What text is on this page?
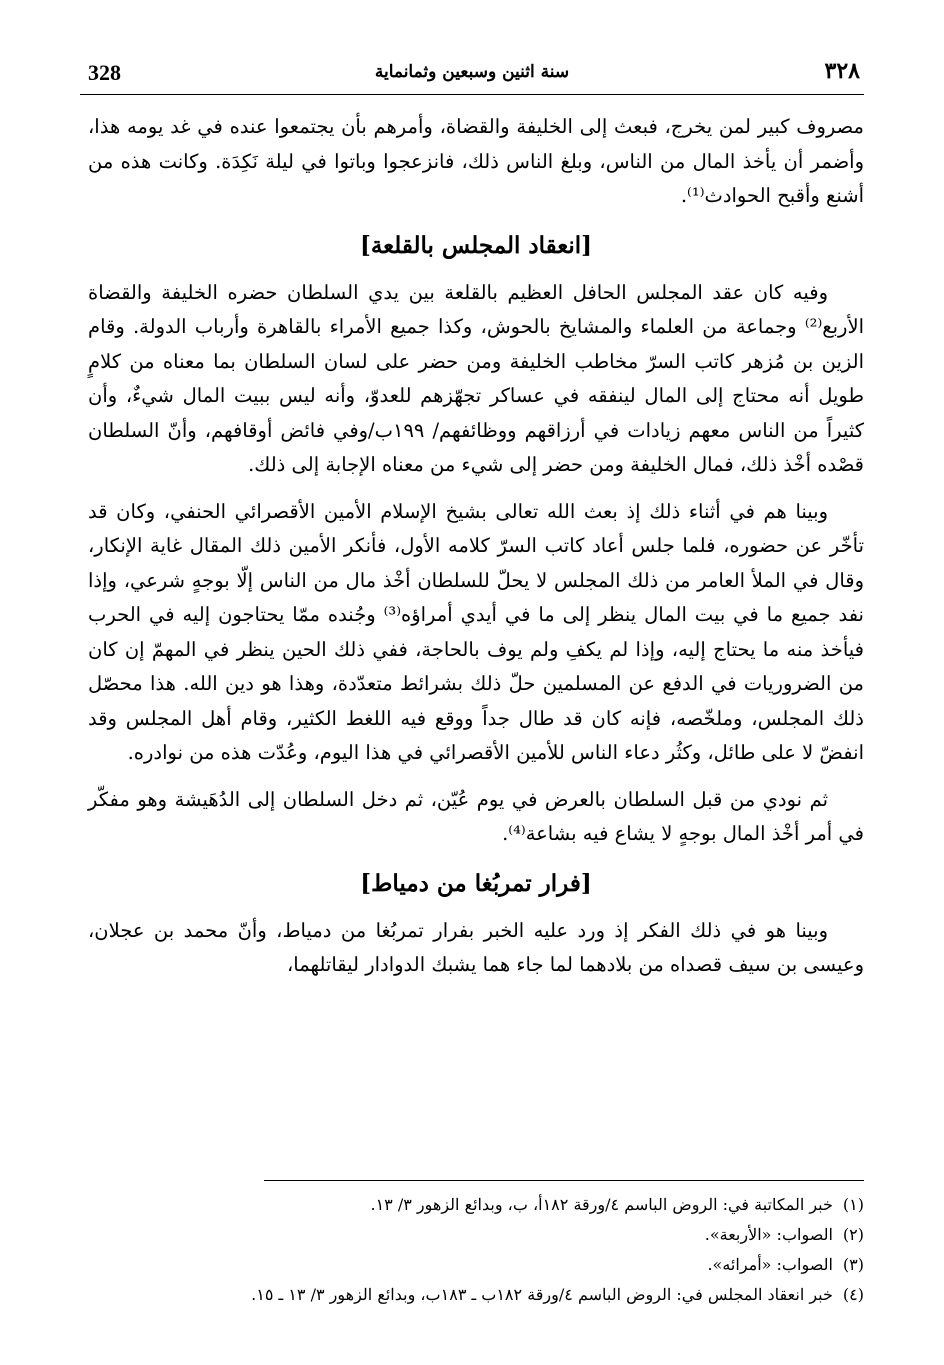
328	سنة اثنين وسبعين وثمانماية	٣٢٨

مصروف كبير لمن يخرج، فبعث إلى الخليفة والقضاة، وأمرهم بأن يجتمعوا عنده في غد يومه هذا، وأضمر أن يأخذ المال من الناس، وبلغ الناس ذلك، فانزعجوا وباتوا في ليلة نَكِدَة. وكانت هذه من أشنع وأقبح الحوادث⁽¹⁾.

[انعقاد المجلس بالقلعة]

وفيه كان عقد المجلس الحافل العظيم بالقلعة بين يدي السلطان حضره الخليفة والقضاة الأربع⁽²⁾ وجماعة من العلماء والمشايخ بالحوش، وكذا جميع الأمراء بالقاهرة وأرباب الدولة. وقام الزين بن مُزهر كاتب السرّ مخاطب الخليفة ومن حضر على لسان السلطان بما معناه من كلامٍ طويل أنه محتاج إلى المال لينفقه في عساكر تجهّزهم للعدوّ، وأنه ليس ببيت المال شيءٌ، وأن كثيراً من الناس معهم زيادات في أرزاقهم ووظائفهم/ ١٩٩ب/وفي فائض أوقافهم، وأنّ السلطان قصْده أخْذ ذلك، فمال الخليفة ومن حضر إلى شيء من معناه الإجابة إلى ذلك.

وبينا هم في أثناء ذلك إذ بعث الله تعالى بشيخ الإسلام الأمين الأقصرائي الحنفي، وكان قد تأخّر عن حضوره، فلما جلس أعاد كاتب السرّ كلامه الأول، فأنكر الأمين ذلك المقال غاية الإنكار، وقال في الملأ العامر من ذلك المجلس لا يحلّ للسلطان أخْذ مال من الناس إلّا بوجهٍ شرعي، وإذا نفد جميع ما في بيت المال ينظر إلى ما في أيدي أمراؤه⁽³⁾ وجُنده ممّا يحتاجون إليه في الحرب فيأخذ منه ما يحتاج إليه، وإذا لم يكفِ ولم يوف بالحاجة، ففي ذلك الحين ينظر في المهمّ إن كان من الضروريات في الدفع عن المسلمين حلّ ذلك بشرائط متعدّدة، وهذا هو دين الله. هذا محصّل ذلك المجلس، وملخّصه، فإنه كان قد طال جداً ووقع فيه اللغط الكثير، وقام أهل المجلس وقد انفضّ لا على طائل، وكثُر دعاء الناس للأمين الأقصرائي في هذا اليوم، وعُدّت هذه من نوادره.

ثم نودي من قبل السلطان بالعرض في يوم عُيّن، ثم دخل السلطان إلى الدُهَيشة وهو مفكّر في أمر أخْذ المال بوجهٍ لا يشاع فيه بشاعة⁽⁴⁾.

[فرار تمربُغا من دمياط]

وبينا هو في ذلك الفكر إذ ورد عليه الخبر بفرار تمربُغا من دمياط، وأنّ محمد بن عجلان، وعيسى بن سيف قصداه من بلادهما لما جاء هما يشبك الدوادار ليقاتلهما،

(١)خبر المكاتبة في: الروض الباسم ٤/ورقة ١٨٢أ، ب، وبدائع الزهور ٣/ ١٣.
(٢)الصواب: «الأربعة».
(٣)الصواب: «أمرائه».
(٤)خبر انعقاد المجلس في: الروض الباسم ٤/ورقة ١٨٢ب ـ ١٨٣ب، وبدائع الزهور ٣/ ١٣ ـ ١٥.
